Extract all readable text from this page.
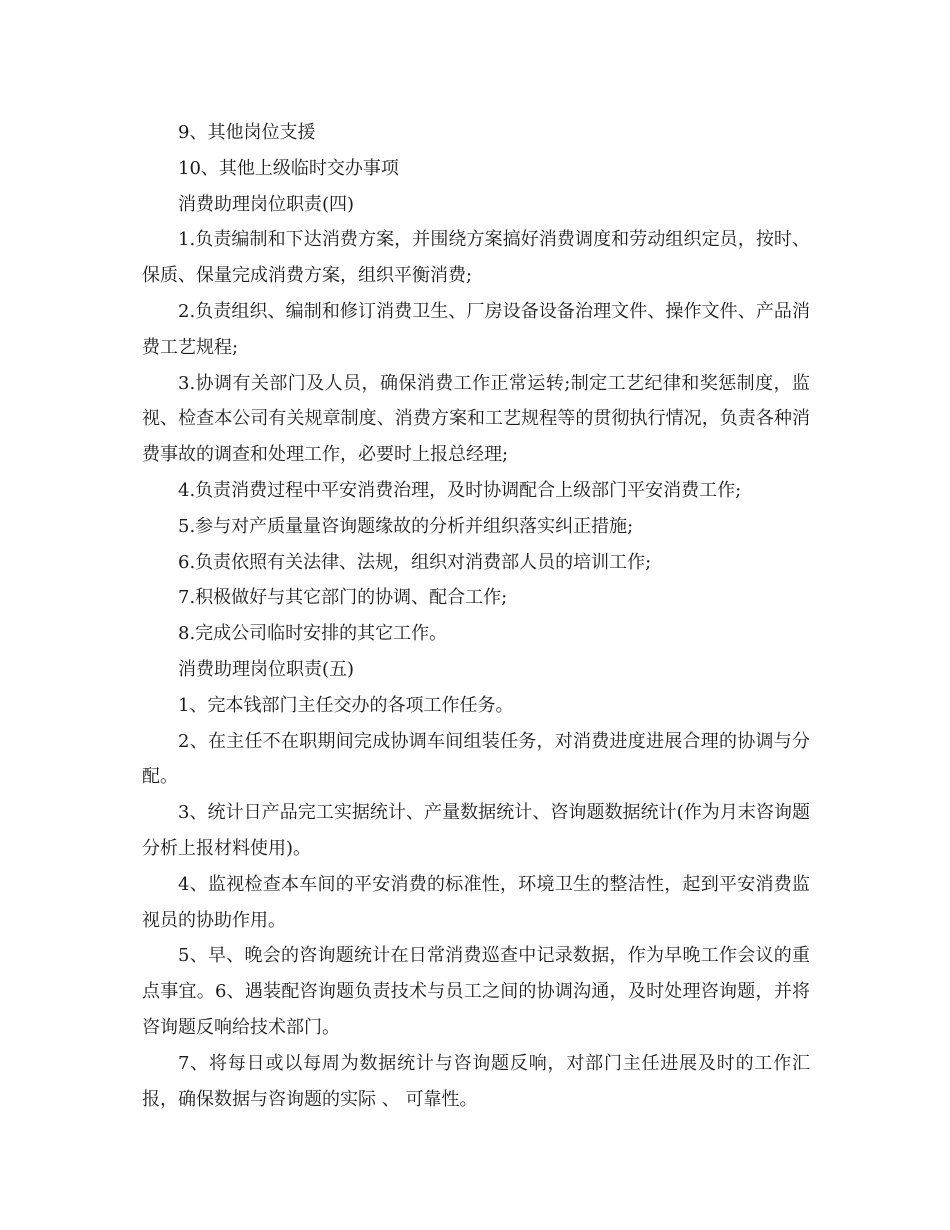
9、其他岗位支援

10、其他上级临时交办事项

消费助理岗位职责(四)

1.负责编制和下达消费方案，并围绕方案搞好消费调度和劳动组织定员，按时、保质、保量完成消费方案，组织平衡消费;

2.负责组织、编制和修订消费卫生、厂房设备设备治理文件、操作文件、产品消费工艺规程;

3.协调有关部门及人员，确保消费工作正常运转;制定工艺纪律和奖惩制度，监视、检查本公司有关规章制度、消费方案和工艺规程等的贯彻执行情况，负责各种消费事故的调查和处理工作，必要时上报总经理;

4.负责消费过程中平安消费治理，及时协调配合上级部门平安消费工作;

5.参与对产质量量咨询题缘故的分析并组织落实纠正措施;

6.负责依照有关法律、法规，组织对消费部人员的培训工作;

7.积极做好与其它部门的协调、配合工作;

8.完成公司临时安排的其它工作。

消费助理岗位职责(五)

1、完本钱部门主任交办的各项工作任务。

2、在主任不在职期间完成协调车间组装任务，对消费进度进展合理的协调与分配。

3、统计日产品完工实据统计、产量数据统计、咨询题数据统计(作为月末咨询题分析上报材料使用)。

4、监视检查本车间的平安消费的标准性，环境卫生的整洁性，起到平安消费监视员的协助作用。

5、早、晚会的咨询题统计在日常消费巡查中记录数据，作为早晚工作会议的重点事宜。6、遇装配咨询题负责技术与员工之间的协调沟通，及时处理咨询题，并将咨询题反响给技术部门。

7、将每日或以每周为数据统计与咨询题反响，对部门主任进展及时的工作汇报，确保数据与咨询题的实际 、 可靠性。
